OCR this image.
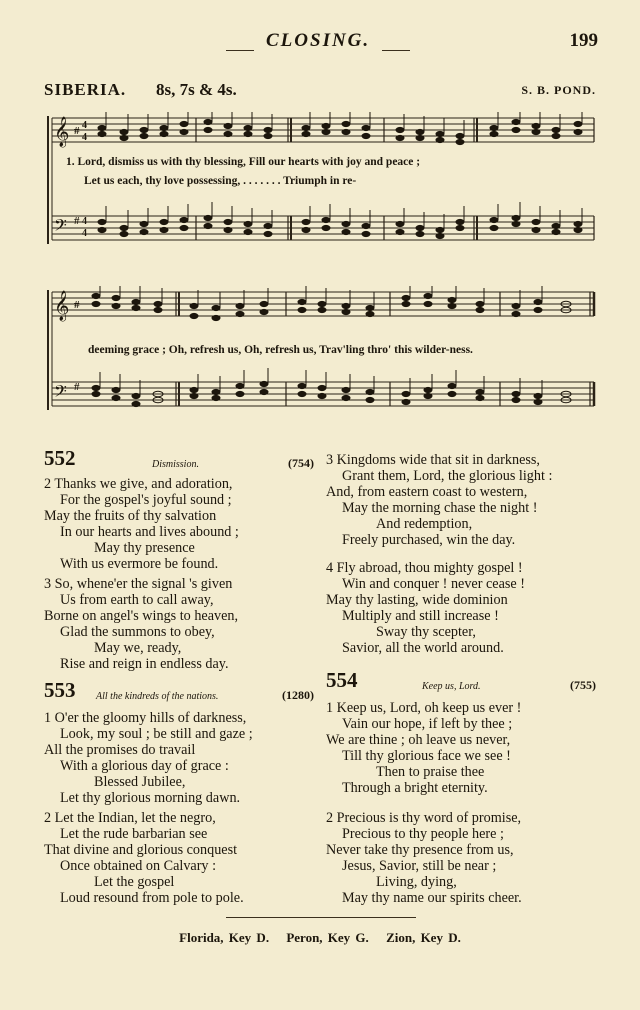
CLOSING.	199
SIBERIA. 8s, 7s & 4s.	S. B. POND.
𝄞
𝄢
#
#
4
4
4
4
1. Lord, dismiss us with thy blessing, Fill our hearts with joy and peace ;
Let us each, thy love possessing, . . . . . . . Triumph in re-
𝄞
𝄢
#
#
deeming grace ; Oh, refresh us, Oh, refresh us, Trav'ling thro' this wilder-ness.
552	Dismission.	(754)
2 Thanks we give, and adoration,
For the gospel's joyful sound ;
May the fruits of thy salvation
In our hearts and lives abound ;
May thy presence
With us evermore be found.
3 So, whene'er the signal 's given
Us from earth to call away,
Borne on angel's wings to heaven,
Glad the summons to obey,
May we, ready,
Rise and reign in endless day.
553 All the kindreds of the nations.	(1280)
1 O'er the gloomy hills of darkness,
Look, my soul ; be still and gaze ;
All the promises do travail
With a glorious day of grace :
Blessed Jubilee,
Let thy glorious morning dawn.
2 Let the Indian, let the negro,
Let the rude barbarian see
That divine and glorious conquest
Once obtained on Calvary :
Let the gospel
Loud resound from pole to pole.
3 Kingdoms wide that sit in darkness,
Grant them, Lord, the glorious light :
And, from eastern coast to western,
May the morning chase the night !
And redemption,
Freely purchased, win the day.
4 Fly abroad, thou mighty gospel !
Win and conquer ! never cease !
May thy lasting, wide dominion
Multiply and still increase !
Sway thy scepter,
Savior, all the world around.
554	Keep us, Lord.	(755)
1 Keep us, Lord, oh keep us ever !
Vain our hope, if left by thee ;
We are thine ; oh leave us never,
Till thy glorious face we see !
Then to praise thee
Through a bright eternity.
2 Precious is thy word of promise,
Precious to thy people here ;
Never take thy presence from us,
Jesus, Savior, still be near ;
Living, dying,
May thy name our spirits cheer.
Florida, Key D. Peron, Key G. Zion, Key D.
